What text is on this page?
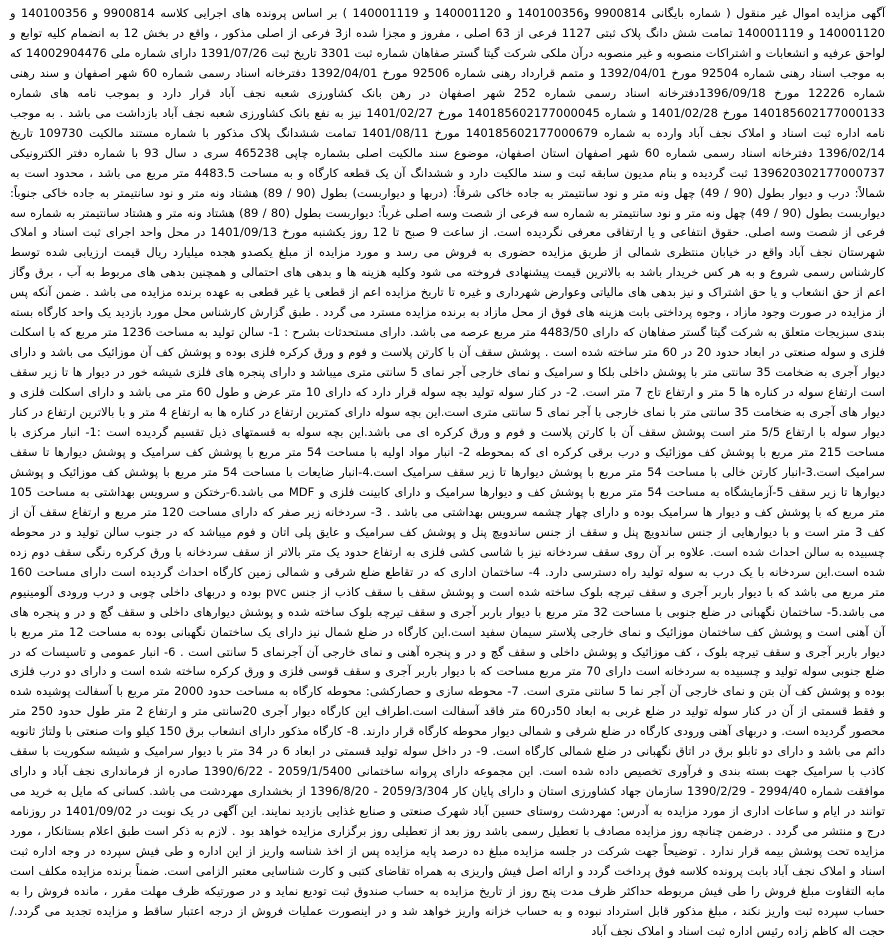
آگهی مزایده اموال غیر منقول ( شماره بایگانی 9900814 و140100356 و 140001120 و 140001119 ) بر اساس پرونده های اجرایی کلاسه 9900814 و 140100356 و 140001120 و 140001119 تمامت شش دانگ پلاک ثبتی 1127 فرعی از 63 اصلی ، مفروز و مجزا شده از3 فرعی از اصلی مذکور ، واقع در بخش 12 به انضمام کلیه توابع و لواحق عرفیه و انشعابات و اشتراکات منصوبه و غیر منصوبه درآن ملکی شرکت گیتا گستر صفاهان شماره ثبت 3301 تاریخ ثبت 1391/07/26 دارای شماره ملی 14002904476 که به موجب اسناد رهنی شماره 92504 مورخ 1392/04/01 و متمم قرارداد رهنی شماره 92506 مورخ 1392/04/01 دفترخانه اسناد رسمی شماره 60 شهر اصفهان و سند رهنی شماره 12226 مورخ 1396/09/18دفترخانه اسناد رسمی شماره 252 شهر اصفهان در رهن بانک کشاورزی شعبه نجف آباد قرار دارد و بموجب نامه های شماره 140185602177000133 مورخ 1401/02/28 و شماره 140185602177000045 مورخ 1401/02/27 نیز به نفع بانک کشاورزی شعبه نجف آباد بازداشت می باشد . به موجب نامه اداره ثبت اسناد و املاک نجف آباد وارده به شماره 140185602177000679 مورخ 1401/08/11 تمامت ششدانگ پلاک مذکور با شماره مستند مالکیت 109730 تاریخ 1396/02/14 دفترخانه اسناد رسمی شماره 60 شهر اصفهان استان اصفهان، موضوع سند مالکیت اصلی بشماره چاپی 465238 سری د سال 93 با شماره دفتر الکترونیکی 139620302177000737 ثبت گردیده و بنام مدیون سابقه ثبت و سند مالکیت دارد و ششدانگ آن یک قطعه کارگاه و به مساحت 4483.5 متر مربع می باشد ، محدود است به شمالاً: درب و دیوار بطول (90 / 49) چهل ونه متر و نود سانتیمتر به جاده خاکی شرقاً: (دربها و دیواربست) بطول (90 / 89) هشتاد ونه متر و نود سانتیمتر به جاده خاکی جنوباً: دیواربست بطول (90 / 49) چهل ونه متر و نود سانتیمتر به شماره سه فرعی از شصت وسه اصلی غرباً: دیواربست بطول (80 / 89) هشتاد ونه متر و هشتاد سانتیمتر به شماره سه فرعی از شصت وسه اصلی. حقوق انتفاعی و یا ارتفاقی معرفی نگردیده است. از ساعت 9 صبح تا 12 روز یکشنبه مورخ 1401/09/13 در محل واحد اجرای ثبت اسناد و املاک شهرستان نجف آباد واقع در خیابان منتظری شمالی از طریق مزایده حضوری به فروش می رسد و مورد مزایده از مبلغ یکصدو هجده میلیارد ریال قیمت ارزیابی شده توسط کارشناس رسمی شروع و به هر کس خریدار باشد به بالاترین قیمت پیشنهادی فروخته می شود وکلیه هزینه ها و بدهی های احتمالی و همچنین بدهی های مربوط به آب ، برق وگاز اعم از حق انشعاب و یا حق اشتراک و نیز بدهی های مالیاتی وعوارض شهرداری و غیره تا تاریخ مزایده اعم از قطعی یا غیر قطعی به عهده برنده مزایده می باشد . ضمن آنکه پس از مزایده در صورت وجود مازاد ، وجوه پرداختی بابت هزینه های فوق از محل مازاد به برنده مزایده مسترد می گردد . طبق گزارش کارشناس محل مورد بازدید یک واحد کارگاه بسته بندی سبزیجات متعلق به شرکت گیتا گستر صفاهان که دارای 4483/50 متر مربع عرصه می باشد. دارای مستحدثات بشرح : 1- سالن تولید به مساحت 1236 متر مربع که با اسکلت فلزی و سوله صنعتی در ابعاد حدود 20 در 60 متر ساخته شده است . پوشش سقف آن با کارتن پلاست و فوم و ورق کرکره فلزی بوده و پوشش کف آن موزائیک می باشد و دارای دیوار آجری به ضخامت 35 سانتی متر با پوشش داخلی بلکا و سرامیک و نمای خارجی آجر نمای 5 سانتی متری میباشد و دارای پنجره های فلزی شیشه خور در دیوار ها تا زیر سقف است ارتفاع سوله در کناره ها 5 متر و ارتفاع تاج 7 متر است. 2- در کنار سوله تولید بچه سوله قرار دارد که دارای 10 متر عرض و طول 60 متر می باشد و دارای اسکلت فلزی و دیوار های آجری به ضخامت 35 سانتی متر با نمای خارجی با آجر نمای 5 سانتی متری است.این بچه سوله دارای کمترین ارتفاع در کناره ها به ارتفاع 4 متر و با بالاترین ارتفاع در کنار دیوار سوله با ارتفاع 5/5 متر است پوشش سقف آن با کارتن پلاست و فوم و ورق کرکره ای می باشد.این بچه سوله به قسمتهای ذیل تقسیم گردیده است :1- انبار مرکزی با مساحت 215 متر مربع با پوشش کف موزائیک و درب برقی کرکره ای که بمحوطه 2- انبار مواد اولیه با مساحت 54 متر مربع با پوشش کف سرامیک و پوشش دیوارها تا سقف سرامیک است.3-انبار کارتن خالی با مساحت 54 متر مربع با پوشش دیوارها تا زیر سقف سرامیک است.4-انبار ضایعات با مساحت 54 متر مربع با پوشش کف موزائیک و پوشش دیوارها تا زیر سقف 5-آزمایشگاه به مساحت 54 متر مربع با پوشش کف و دیوارها سرامیک و دارای کابینت فلزی و MDF می باشد.6-رختکن و سرویس بهداشتی به مساحت 105 متر مربع که با پوشش کف و دیوار ها سرامیک بوده و دارای چهار چشمه سرویس بهداشتی می باشد . 3- سردخانه زیر صفر که دارای مساحت 120 متر مربع و ارتفاع سقف آن از کف 3 متر است و با دیوارهایی از جنس ساندویچ پنل و سقف از جنس ساندویچ پنل و پوشش کف سرامیک و عایق پلی اتان و فوم میباشد که در جنوب سالن تولید و در محوطه چسبیده به سالن احداث شده است. علاوه بر آن روی سقف سردخانه نیز با شاسی کشی فلزی به ارتفاع حدود یک متر بالاتر از سقف سردخانه با ورق کرکره رنگی سقف دوم زده شده است.این سردخانه با یک درب به سوله تولید راه دسترسی دارد. 4- ساختمان اداری که در تقاطع ضلع شرقی و شمالی زمین کارگاه احداث گردیده است دارای مساحت 160 متر مربع می باشد که با دیوار باربر آجری و سقف تیرچه بلوک ساخته شده است و پوشش سقف با سقف کاذب از جنس pvc بوده و دربهای داخلی چوبی و درب ورودی آلومینیوم می باشد.5- ساختمان نگهبانی در ضلع جنوبی با مساحت 32 متر مربع با دیوار باربر آجری و سقف تیرچه بلوک ساخته شده و پوشش دیوارهای داخلی و سقف گچ و در و پنجره های آن آهنی است و پوشش کف ساختمان موزائیک و نمای خارجی پلاستر سیمان سفید است.این کارگاه در ضلع شمال نیز دارای یک ساختمان نگهبانی بوده به مساحت 12 متر مربع با دیوار باربر آجری و سقف تیرچه بلوک ، کف موزائیک و پوشش داخلی و سقف گچ و در و پنجره آهنی و نمای خارجی آن آجرنمای 5 سانتی است . 6- انبار عمومی و تاسیسات که در ضلع جنوبی سوله تولید و چسبیده به سردخانه است دارای 70 متر مربع مساحت که با دیوار باربر آجری و سقف قوسی فلزی و ورق کرکره ساخته شده است و دارای دو درب فلزی بوده و پوشش کف آن بتن و نمای خارجی آن آجر نما 5 سانتی متری است. 7- محوطه سازی و حصارکشی: محوطه کارگاه به مساحت حدود 2000 متر مربع با آسفالت پوشیده شده و فقط قسمتی از آن در کنار سوله تولید در ضلع غربی به ابعاد 50در60 متر فاقد آسفالت است.اطراف این کارگاه دیوار آجری 20سانتی متر و ارتفاع 2 متر طول حدود 250 متر محصور گردیده است. و دربهای آهنی ورودی کارگاه در ضلع شرقی و شمالی دیوار محوطه کارگاه قرار دارند. 8- کارگاه مذکور دارای انشعاب برق 150 کیلو وات صنعتی با ولتاژ ثانویه دائم می باشد و دارای دو تابلو برق در اتاق نگهبانی در ضلع شمالی کارگاه است. 9- در داخل سوله تولید قسمتی در ابعاد 6 در 34 متر با دیوار سرامیک و شیشه سکوریت با سقف کاذب با سرامیک جهت بسته بندی و فرآوری تخصیص داده شده است. این مجموعه دارای پروانه ساختمانی 2059/1/5400 - 1390/6/22 صادره از فرمانداری نجف آباد و دارای موافقت شماره 2994/40 - 1390/2/29 سازمان جهاد کشاورزی استان و دارای پایان کار 2059/3/304 - 1396/8/20 از بخشداری مهردشت می باشد. کسانی که مایل به خرید می توانند در ایام و ساعات اداری از مورد مزایده به آدرس: مهردشت روستای حسین آباد شهرک صنعتی و صنایع غذایی بازدید نمایند. این آگهی در یک نوبت در 1401/09/02 در روزنامه درج و منتشر می گردد . درضمن چنانچه روز مزایده مصادف با تعطیل رسمی باشد روز بعد از تعطیلی روز برگزاری مزایده خواهد بود . لازم به ذکر است طبق اعلام بستانکار ، مورد مزایده تحت پوشش بیمه قرار ندارد . توضیحاً جهت شرکت در جلسه مزایده مبلغ ده درصد پایه مزایده پس از اخذ شناسه واریز از این اداره و طی فیش سپرده در وجه اداره ثبت اسناد و املاک نجف آباد بابت پرونده کلاسه فوق پرداخت گردد و ارائه اصل فیش واریزی به همراه تقاضای کتبی و کارت شناسایی معتبر الزامی است. ضمناً برنده مزایده مکلف است مابه التفاوت مبلغ فروش را طی فیش مربوطه حداکثر ظرف مدت پنج روز از تاریخ مزایده به حساب صندوق ثبت تودیع نماید و در صورتیکه ظرف مهلت مقرر ، مانده فروش را به حساب سپرده ثبت واریز نکند ، مبلغ مذکور قابل استرداد نبوده و به حساب خزانه واریز خواهد شد و در اینصورت عملیات فروش از درجه اعتبار ساقط و مزایده تجدید می گردد./ حجت اله کاظم زاده رئیس اداره ثبت اسناد و املاک نجف آباد
